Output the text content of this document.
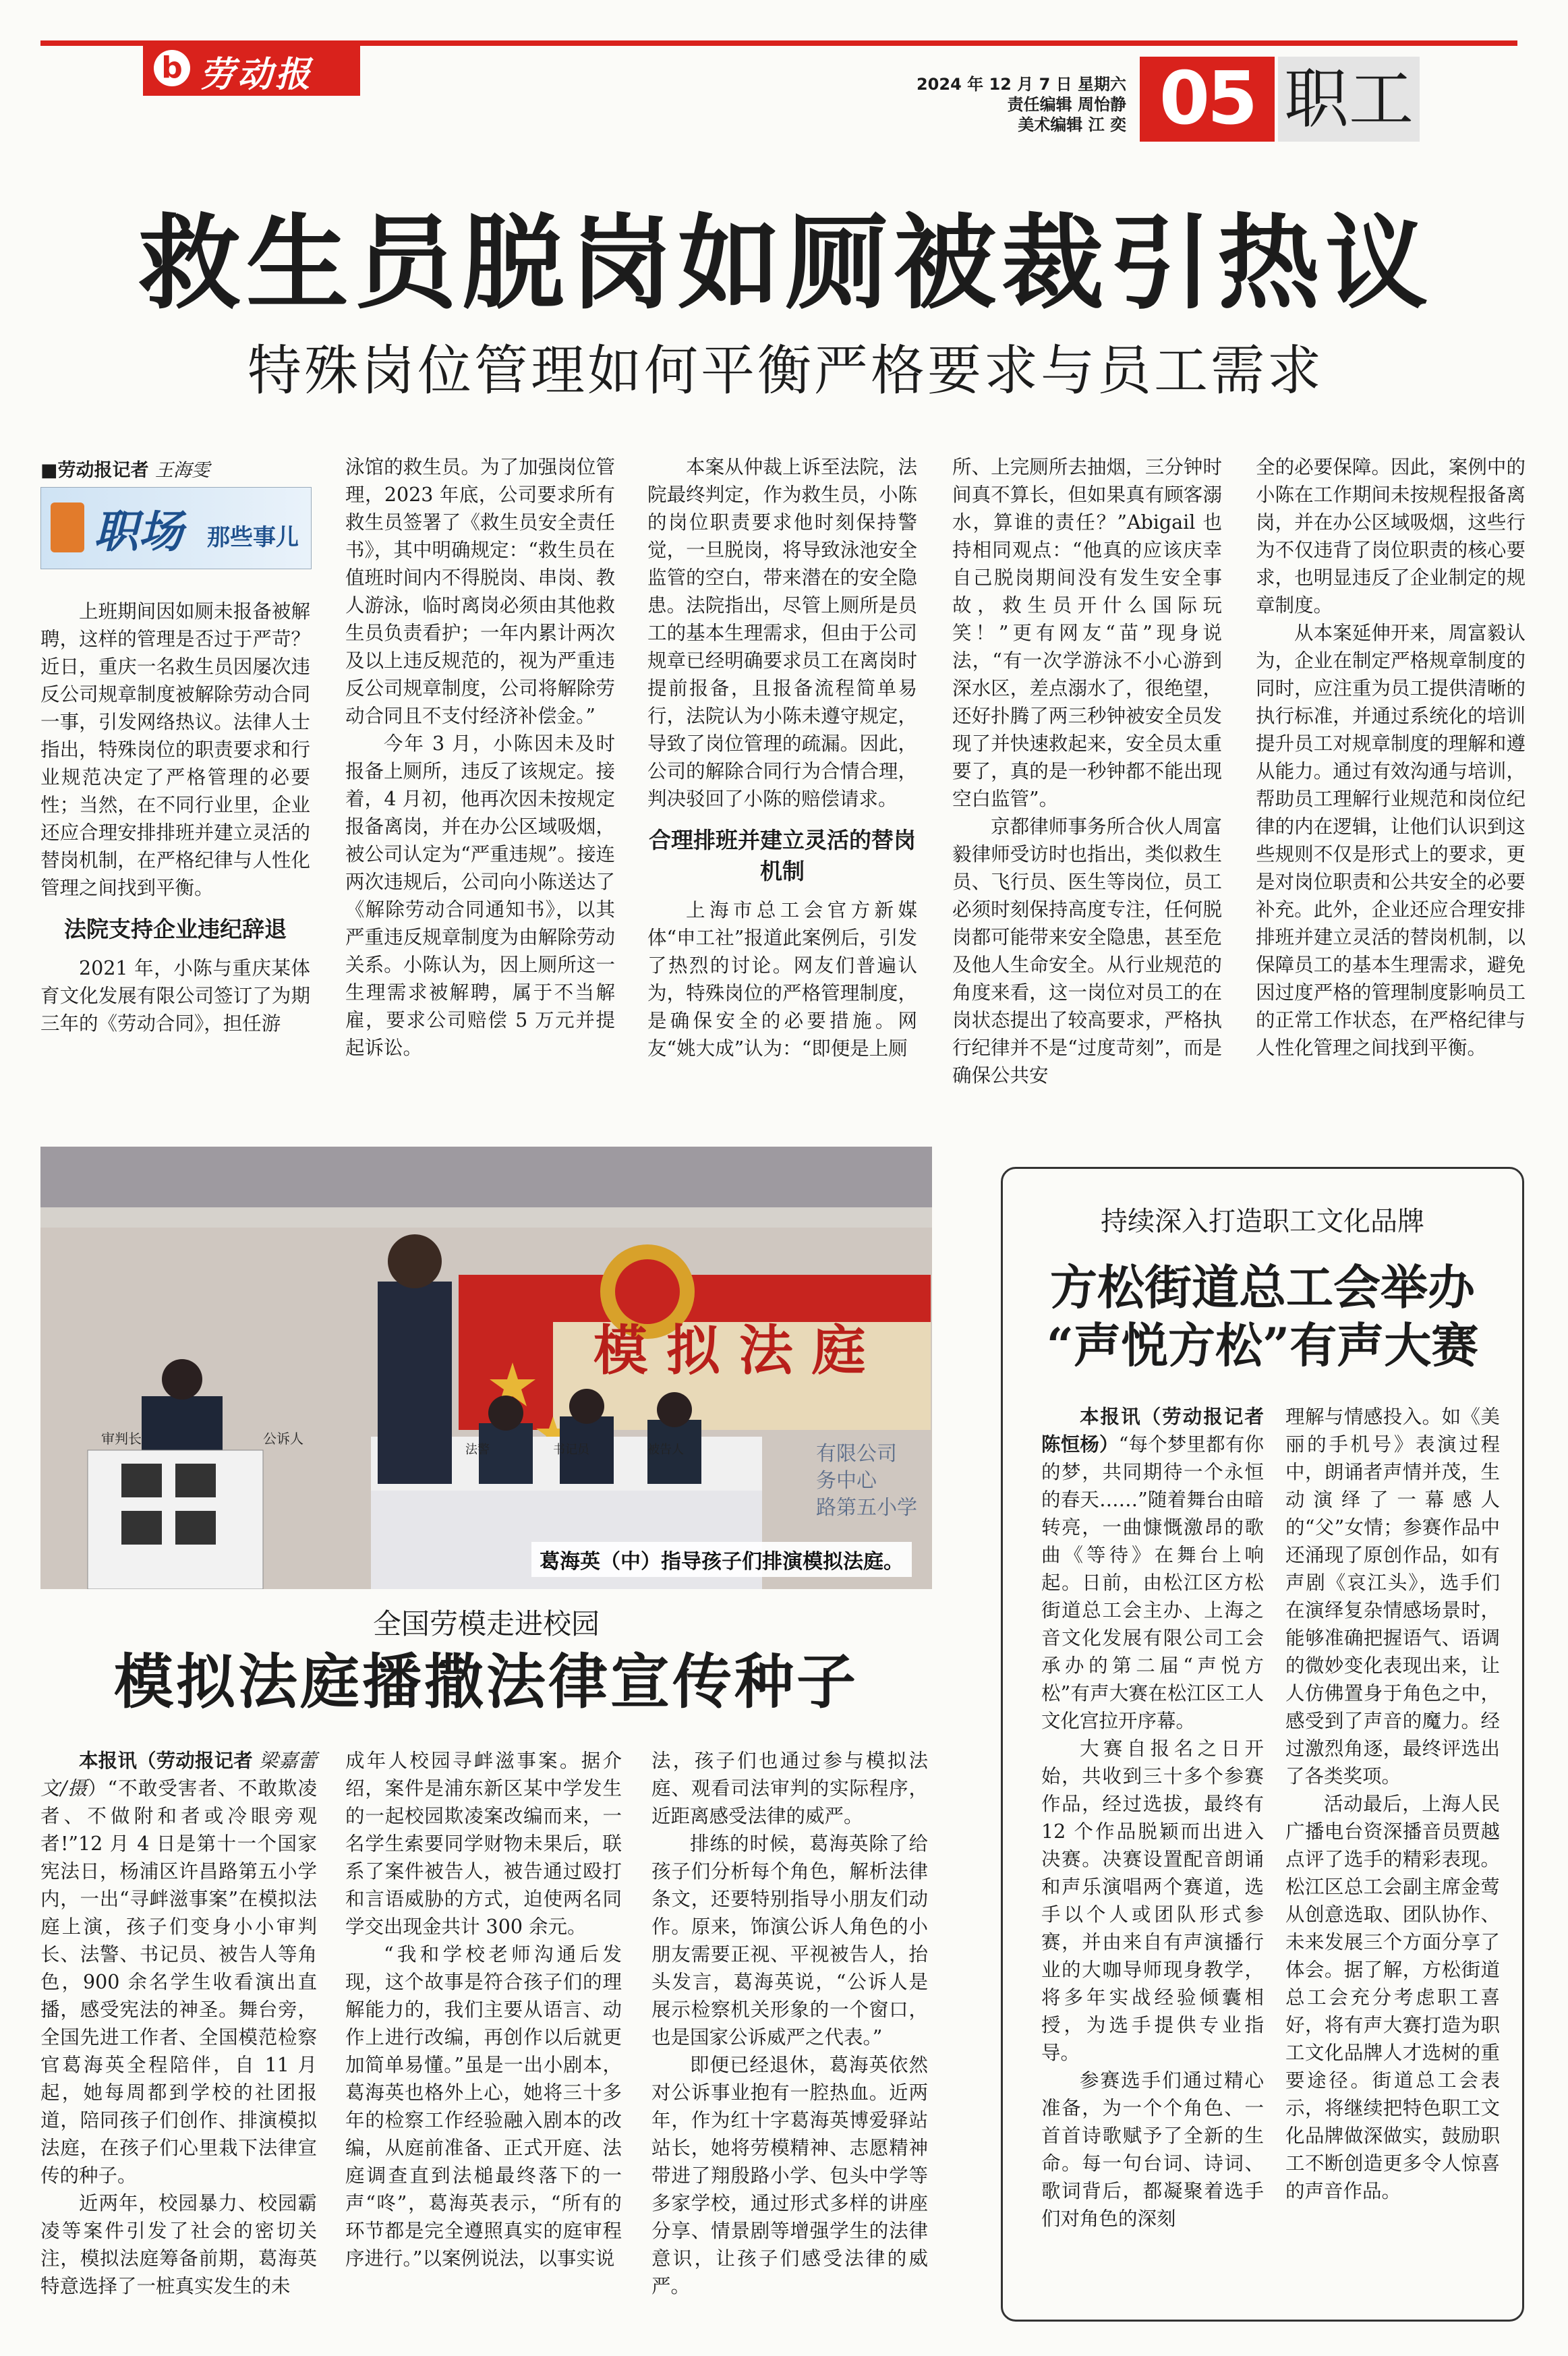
b 劳动报	2024 年 12 月 7 日 星期六
责任编辑 周怡静
美术编辑 江 奕 05 职工
救生员脱岗如厕被裁引热议
特殊岗位管理如何平衡严格要求与员工需求
■劳动报记者 王海雯
职场 那些事儿

上班期间因如厕未报备被解聘，这样的管理是否过于严苛？近日，重庆一名救生员因屡次违反公司规章制度被解除劳动合同一事，引发网络热议。法律人士指出，特殊岗位的职责要求和行业规范决定了严格管理的必要性；当然，在不同行业里，企业还应合理安排排班并建立灵活的替岗机制，在严格纪律与人性化管理之间找到平衡。

法院支持企业违纪辞退

2021 年，小陈与重庆某体育文化发展有限公司签订了为期三年的《劳动合同》，担任游

泳馆的救生员。为了加强岗位管理，2023 年底，公司要求所有救生员签署了《救生员安全责任书》，其中明确规定：“救生员在值班时间内不得脱岗、串岗、教人游泳，临时离岗必须由其他救生员负责看护；一年内累计两次及以上违反规范的，视为严重违反公司规章制度，公司将解除劳动合同且不支付经济补偿金。”

今年 3 月，小陈因未及时报备上厕所，违反了该规定。接着，4 月初，他再次因未按规定报备离岗，并在办公区域吸烟，被公司认定为“严重违规”。接连两次违规后，公司向小陈送达了《解除劳动合同通知书》，以其严重违反规章制度为由解除劳动关系。小陈认为，因上厕所这一生理需求被解聘，属于不当解雇，要求公司赔偿 5 万元并提起诉讼。

本案从仲裁上诉至法院，法院最终判定，作为救生员，小陈的岗位职责要求他时刻保持警觉，一旦脱岗，将导致泳池安全监管的空白，带来潜在的安全隐患。法院指出，尽管上厕所是员工的基本生理需求，但由于公司规章已经明确要求员工在离岗时提前报备，且报备流程简单易行，法院认为小陈未遵守规定，导致了岗位管理的疏漏。因此，公司的解除合同行为合情合理，判决驳回了小陈的赔偿请求。

合理排班并建立灵活的替岗机制

上海市总工会官方新媒体“申工社”报道此案例后，引发了热烈的讨论。网友们普遍认为，特殊岗位的严格管理制度，是确保安全的必要措施。网友“姚大成”认为：“即便是上厕

所、上完厕所去抽烟，三分钟时间真不算长，但如果真有顾客溺水，算谁的责任？”Abigail 也持相同观点：“他真的应该庆幸自己脱岗期间没有发生安全事故，救生员开什么国际玩笑！”更有网友“苗”现身说法，“有一次学游泳不小心游到深水区，差点溺水了，很绝望，还好扑腾了两三秒钟被安全员发现了并快速救起来，安全员太重要了，真的是一秒钟都不能出现空白监管”。

京都律师事务所合伙人周富毅律师受访时也指出，类似救生员、飞行员、医生等岗位，员工必须时刻保持高度专注，任何脱岗都可能带来安全隐患，甚至危及他人生命安全。从行业规范的角度来看，这一岗位对员工的在岗状态提出了较高要求，严格执行纪律并不是“过度苛刻”，而是确保公共安

全的必要保障。因此，案例中的小陈在工作期间未按规程报备离岗，并在办公区域吸烟，这些行为不仅违背了岗位职责的核心要求，也明显违反了企业制定的规章制度。

从本案延伸开来，周富毅认为，企业在制定严格规章制度的同时，应注重为员工提供清晰的执行标准，并通过系统化的培训提升员工对规章制度的理解和遵从能力。通过有效沟通与培训，帮助员工理解行业规范和岗位纪律的内在逻辑，让他们认识到这些规则不仅是形式上的要求，更是对岗位职责和公共安全的必要补充。此外，企业还应合理安排排班并建立灵活的替岗机制，以保障员工的基本生理需求，避免因过度严格的管理制度影响员工的正常工作状态，在严格纪律与人性化管理之间找到平衡。

模 拟 法 庭
有限公司
务中心
路第五小学
审判长
法警	书记员
公诉人
被告人
葛海英（中）指导孩子们排演模拟法庭。
全国劳模走进校园
模拟法庭播撒法律宣传种子

本报讯（劳动报记者 梁嘉蕾 文/摄）“不敢受害者、不敢欺凌者、不做附和者或冷眼旁观者!”12 月 4 日是第十一个国家宪法日，杨浦区许昌路第五小学内，一出“寻衅滋事案”在模拟法庭上演，孩子们变身小小审判长、法警、书记员、被告人等角色，900 余名学生收看演出直播，感受宪法的神圣。舞台旁，全国先进工作者、全国模范检察官葛海英全程陪伴，自 11 月起，她每周都到学校的社团报道，陪同孩子们创作、排演模拟法庭，在孩子们心里栽下法律宣传的种子。

近两年，校园暴力、校园霸凌等案件引发了社会的密切关注，模拟法庭筹备前期，葛海英特意选择了一桩真实发生的未

成年人校园寻衅滋事案。据介绍，案件是浦东新区某中学发生的一起校园欺凌案改编而来，一名学生索要同学财物未果后，联系了案件被告人，被告通过殴打和言语威胁的方式，迫使两名同学交出现金共计 300 余元。

“我和学校老师沟通后发现，这个故事是符合孩子们的理解能力的，我们主要从语言、动作上进行改编，再创作以后就更加简单易懂。”虽是一出小剧本，葛海英也格外上心，她将三十多年的检察工作经验融入剧本的改编，从庭前准备、正式开庭、法庭调查直到法槌最终落下的一声“咚”，葛海英表示，“所有的环节都是完全遵照真实的庭审程序进行。”以案例说法，以事实说

法，孩子们也通过参与模拟法庭、观看司法审判的实际程序，近距离感受法律的威严。

排练的时候，葛海英除了给孩子们分析每个角色，解析法律条文，还要特别指导小朋友们动作。原来，饰演公诉人角色的小朋友需要正视、平视被告人，抬头发言，葛海英说，“公诉人是展示检察机关形象的一个窗口，也是国家公诉威严之代表。”

即便已经退休，葛海英依然对公诉事业抱有一腔热血。近两年，作为红十字葛海英博爱驿站站长，她将劳模精神、志愿精神带进了翔殷路小学、包头中学等多家学校，通过形式多样的讲座分享、情景剧等增强学生的法律意识，让孩子们感受法律的威严。

持续深入打造职工文化品牌
方松街道总工会举办
“声悦方松”有声大赛

本报讯（劳动报记者 陈恒杨）“每个梦里都有你的梦，共同期待一个永恒的春天……”随着舞台由暗转亮，一曲慷慨激昂的歌曲《等待》在舞台上响起。日前，由松江区方松街道总工会主办、上海之音文化发展有限公司工会承办的第二届“声悦方松”有声大赛在松江区工人文化宫拉开序幕。

大赛自报名之日开始，共收到三十多个参赛作品，经过选拔，最终有 12 个作品脱颖而出进入决赛。决赛设置配音朗诵和声乐演唱两个赛道，选手以个人或团队形式参赛，并由来自有声演播行业的大咖导师现身教学，将多年实战经验倾囊相授，为选手提供专业指导。

参赛选手们通过精心准备，为一个个角色、一首首诗歌赋予了全新的生命。每一句台词、诗词、歌词背后，都凝聚着选手们对角色的深刻

理解与情感投入。如《美丽的手机号》表演过程中，朗诵者声情并茂，生动演绎了一幕感人的“父”女情；参赛作品中还涌现了原创作品，如有声剧《哀江头》，选手们在演绎复杂情感场景时，能够准确把握语气、语调的微妙变化表现出来，让人仿佛置身于角色之中，感受到了声音的魔力。经过激烈角逐，最终评选出了各类奖项。

活动最后，上海人民广播电台资深播音员贾越点评了选手的精彩表现。松江区总工会副主席金莺从创意选取、团队协作、未来发展三个方面分享了体会。据了解，方松街道总工会充分考虑职工喜好，将有声大赛打造为职工文化品牌人才选树的重要途径。街道总工会表示，将继续把特色职工文化品牌做深做实，鼓励职工不断创造更多令人惊喜的声音作品。
